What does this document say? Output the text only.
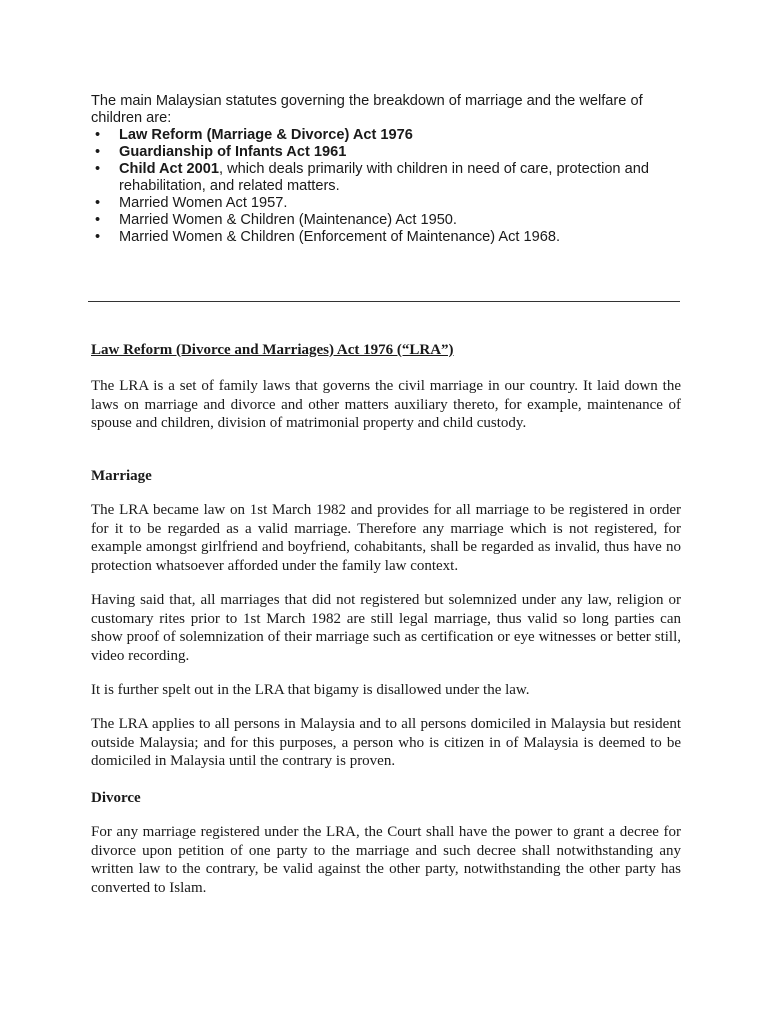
The main Malaysian statutes governing the breakdown of marriage and the welfare of children are:

• Law Reform (Marriage & Divorce) Act 1976
• Guardianship of Infants Act 1961
• Child Act 2001, which deals primarily with children in need of care, protection and rehabilitation, and related matters.
• Married Women Act 1957.
• Married Women & Children (Maintenance) Act 1950.
• Married Women & Children (Enforcement of Maintenance) Act 1968.

Law Reform (Divorce and Marriages) Act 1976 (“LRA”)

The LRA is a set of family laws that governs the civil marriage in our country. It laid down the laws on marriage and divorce and other matters auxiliary thereto, for example, maintenance of spouse and children, division of matrimonial property and child custody.

Marriage

The LRA became law on 1st March 1982 and provides for all marriage to be registered in order for it to be regarded as a valid marriage. Therefore any marriage which is not registered, for example amongst girlfriend and boyfriend, cohabitants, shall be regarded as invalid, thus have no protection whatsoever afforded under the family law context.

Having said that, all marriages that did not registered but solemnized under any law, religion or customary rites prior to 1st March 1982 are still legal marriage, thus valid so long parties can show proof of solemnization of their marriage such as certification or eye witnesses or better still, video recording.

It is further spelt out in the LRA that bigamy is disallowed under the law.

The LRA applies to all persons in Malaysia and to all persons domiciled in Malaysia but resident outside Malaysia; and for this purposes, a person who is citizen in of Malaysia is deemed to be domiciled in Malaysia until the contrary is proven.

Divorce

For any marriage registered under the LRA, the Court shall have the power to grant a decree for divorce upon petition of one party to the marriage and such decree shall notwithstanding any written law to the contrary, be valid against the other party, notwithstanding the other party has converted to Islam.
